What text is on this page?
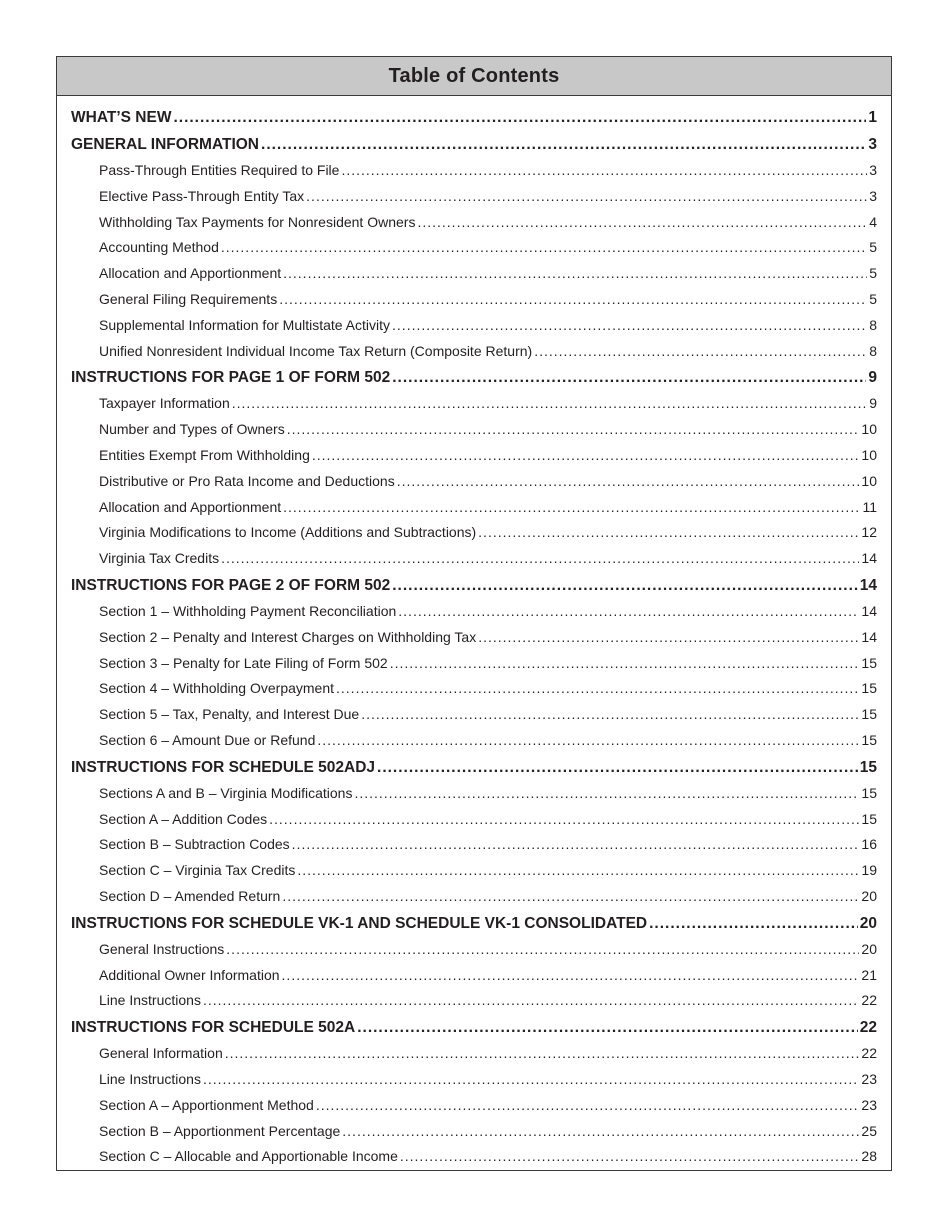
Table of Contents
WHAT’S NEW .....	1
GENERAL INFORMATION .....	3
Pass-Through Entities Required to File .....	3
Elective Pass-Through Entity Tax .....	3
Withholding Tax Payments for Nonresident Owners .....	4
Accounting Method .....	5
Allocation and Apportionment .....	5
General Filing Requirements .....	5
Supplemental Information for Multistate Activity .....	8
Unified Nonresident Individual Income Tax Return (Composite Return) .....	8
INSTRUCTIONS FOR PAGE 1 OF FORM 502 .....	9
Taxpayer Information .....	9
Number and Types of Owners .....	10
Entities Exempt From Withholding .....	10
Distributive or Pro Rata Income and Deductions .....	10
Allocation and Apportionment .....	11
Virginia Modifications to Income (Additions and Subtractions) .....	12
Virginia Tax Credits .....	14
INSTRUCTIONS FOR PAGE 2 OF FORM 502 .....	14
Section 1 – Withholding Payment Reconciliation .....	14
Section 2 – Penalty and Interest Charges on Withholding Tax .....	14
Section 3 – Penalty for Late Filing of Form 502 .....	15
Section 4 – Withholding Overpayment .....	15
Section 5 – Tax, Penalty, and Interest Due .....	15
Section 6 – Amount Due or Refund .....	15
INSTRUCTIONS FOR SCHEDULE 502ADJ .....	15
Sections A and B – Virginia Modifications .....	15
Section A – Addition Codes .....	15
Section B – Subtraction Codes .....	16
Section C – Virginia Tax Credits .....	19
Section D – Amended Return .....	20
INSTRUCTIONS FOR SCHEDULE VK-1 AND SCHEDULE VK-1 CONSOLIDATED .....	20
General Instructions .....	20
Additional Owner Information .....	21
Line Instructions .....	22
INSTRUCTIONS FOR SCHEDULE 502A .....	22
General Information .....	22
Line Instructions .....	23
Section A – Apportionment Method .....	23
Section B – Apportionment Percentage .....	25
Section C – Allocable and Apportionable Income .....	28
